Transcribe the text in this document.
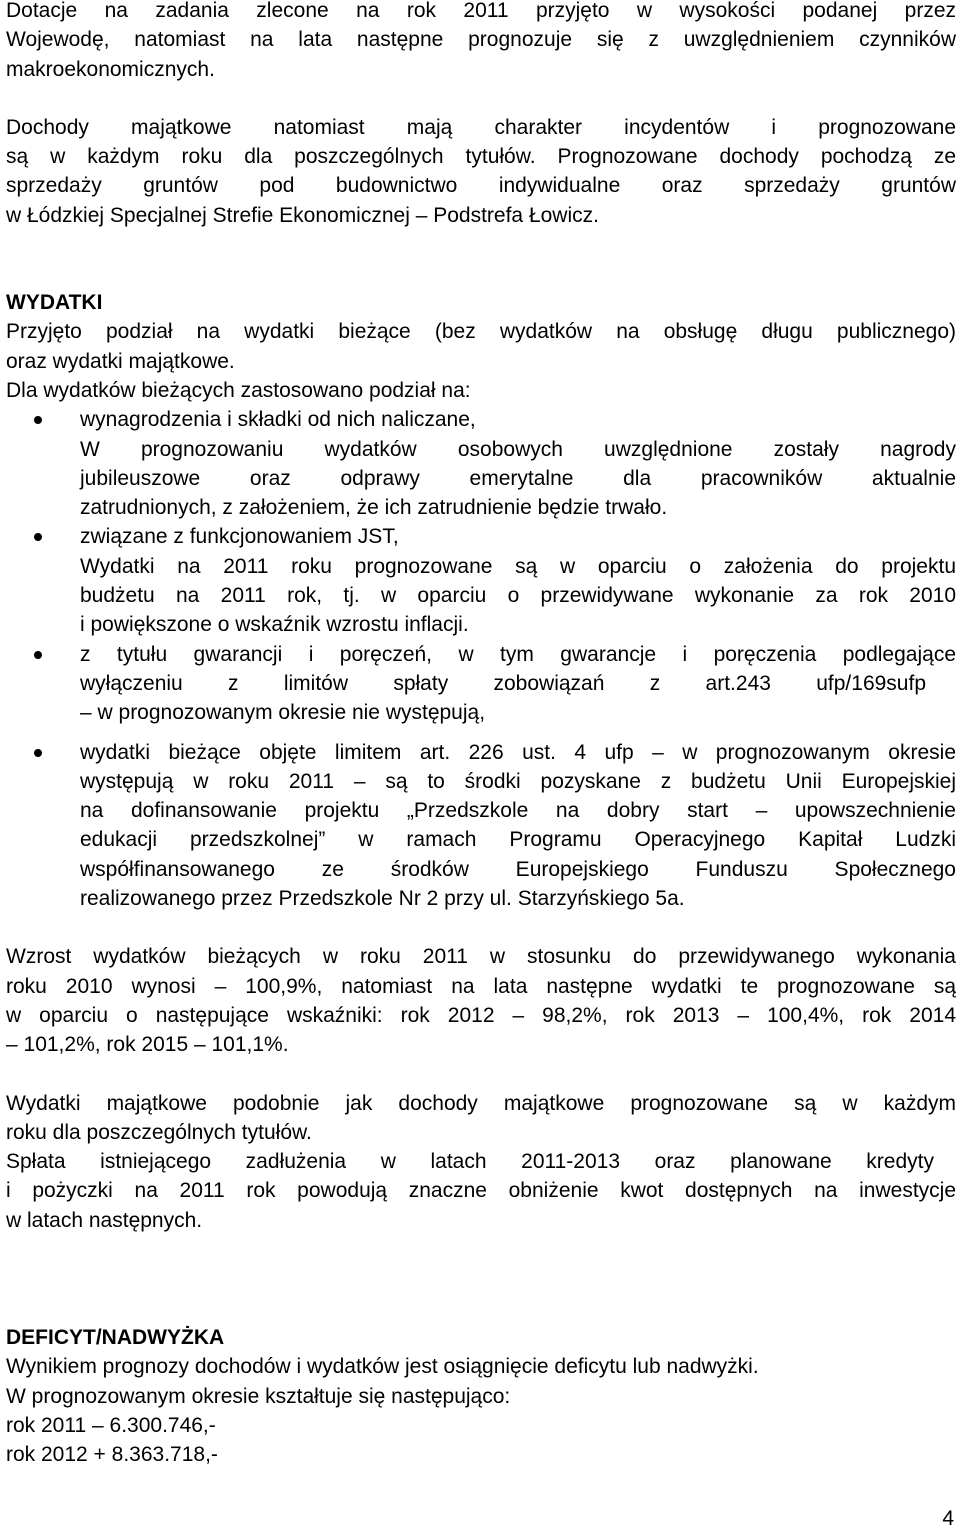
Dotacje na zadania zlecone na rok 2011 przyjęto w wysokości podanej przez
Wojewodę, natomiast na lata następne prognozuje się z uwzględnieniem czynników
makroekonomicznych.
Dochody majątkowe natomiast mają charakter incydentów i prognozowane
są w każdym roku dla poszczególnych tytułów. Prognozowane dochody pochodzą ze
sprzedaży gruntów pod budownictwo indywidualne oraz sprzedaży gruntów
w Łódzkiej Specjalnej Strefie Ekonomicznej – Podstrefa Łowicz.
WYDATKI
Przyjęto podział na wydatki bieżące (bez wydatków na obsługę długu publicznego)
oraz wydatki majątkowe.
Dla wydatków bieżących zastosowano podział na:
wynagrodzenia i składki od nich naliczane,
W prognozowaniu wydatków osobowych uwzględnione zostały nagrody
jubileuszowe oraz odprawy emerytalne dla pracowników aktualnie
zatrudnionych, z założeniem, że ich zatrudnienie będzie trwało.
związane z funkcjonowaniem JST,
Wydatki na 2011 roku prognozowane są w oparciu o założenia do projektu
budżetu na 2011 rok, tj. w oparciu o przewidywane wykonanie za rok 2010
i powiększone o wskaźnik wzrostu inflacji.
z tytułu gwarancji i poręczeń, w tym gwarancje i poręczenia podlegające
wyłączeniu z limitów spłaty zobowiązań z art.243 ufp/169sufp
– w prognozowanym okresie nie występują,
wydatki bieżące objęte limitem art. 226 ust. 4 ufp – w prognozowanym okresie
występują w roku 2011 – są to środki pozyskane z budżetu Unii Europejskiej
na dofinansowanie projektu „Przedszkole na dobry start – upowszechnienie
edukacji przedszkolnej” w ramach Programu Operacyjnego Kapitał Ludzki
współfinansowanego ze środków Europejskiego Funduszu Społecznego
realizowanego przez Przedszkole Nr 2 przy ul. Starzyńskiego 5a.
Wzrost wydatków bieżących w roku 2011 w stosunku do przewidywanego wykonania
roku 2010 wynosi – 100,9%, natomiast na lata następne wydatki te prognozowane są
w oparciu o następujące wskaźniki: rok 2012 – 98,2%, rok 2013 – 100,4%, rok 2014
– 101,2%, rok 2015 – 101,1%.
Wydatki majątkowe podobnie jak dochody majątkowe prognozowane są w każdym
roku dla poszczególnych tytułów.
Spłata istniejącego zadłużenia w latach 2011-2013 oraz planowane kredyty
i pożyczki na 2011 rok powodują znaczne obniżenie kwot dostępnych na inwestycje
w latach następnych.
DEFICYT/NADWYŻKA
Wynikiem prognozy dochodów i wydatków jest osiągnięcie deficytu lub nadwyżki.
W prognozowanym okresie kształtuje się następująco:
rok 2011 – 6.300.746,-
rok 2012 + 8.363.718,-
4
